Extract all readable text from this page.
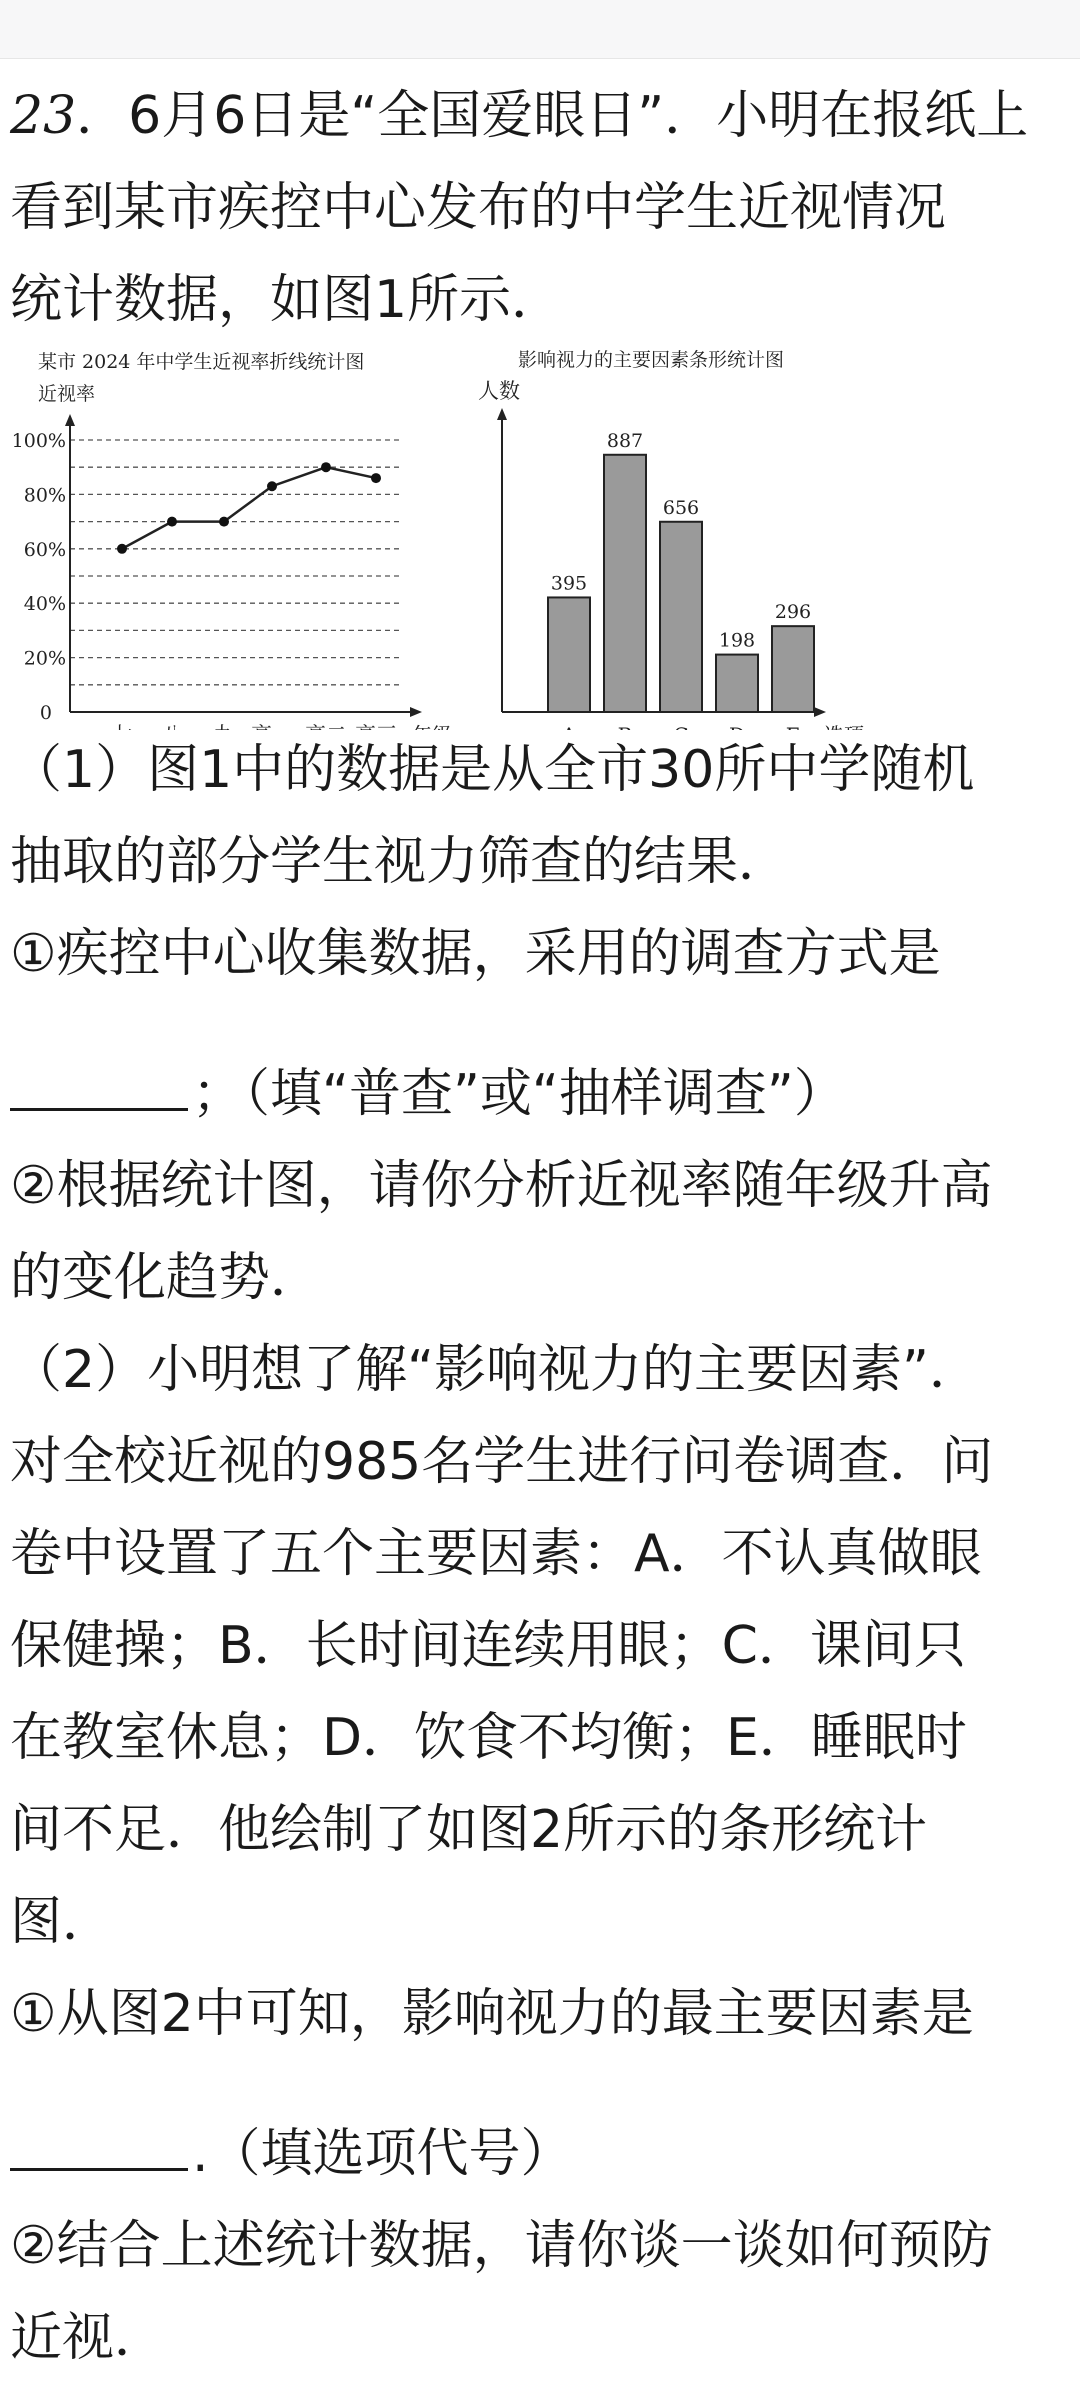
23．6月6日是“全国爱眼日”．小明在报纸上

看到某市疾控中心发布的中学生近视情况

统计数据，如图1所示．

某市 2024 年中学生近视率折线统计图
近视率
0
20%
40%
60%
80%
100%
影响视力的主要因素条形统计图
人数
395
887
656
198
296

（1）图1中的数据是从全市30所中学随机

抽取的部分学生视力筛查的结果．

①疾控中心收集数据，采用的调查方式是

；（填“普查”或“抽样调查”）

②根据统计图，请你分析近视率随年级升高

的变化趋势．

（2）小明想了解“影响视力的主要因素”．

对全校近视的985名学生进行问卷调查．问

卷中设置了五个主要因素：A．不认真做眼

保健操；B．长时间连续用眼；C．课间只

在教室休息；D．饮食不均衡；E．睡眠时

间不足．他绘制了如图2所示的条形统计

图．

①从图2中可知，影响视力的最主要因素是

.（填选项代号）

②结合上述统计数据，请你谈一谈如何预防

近视．
